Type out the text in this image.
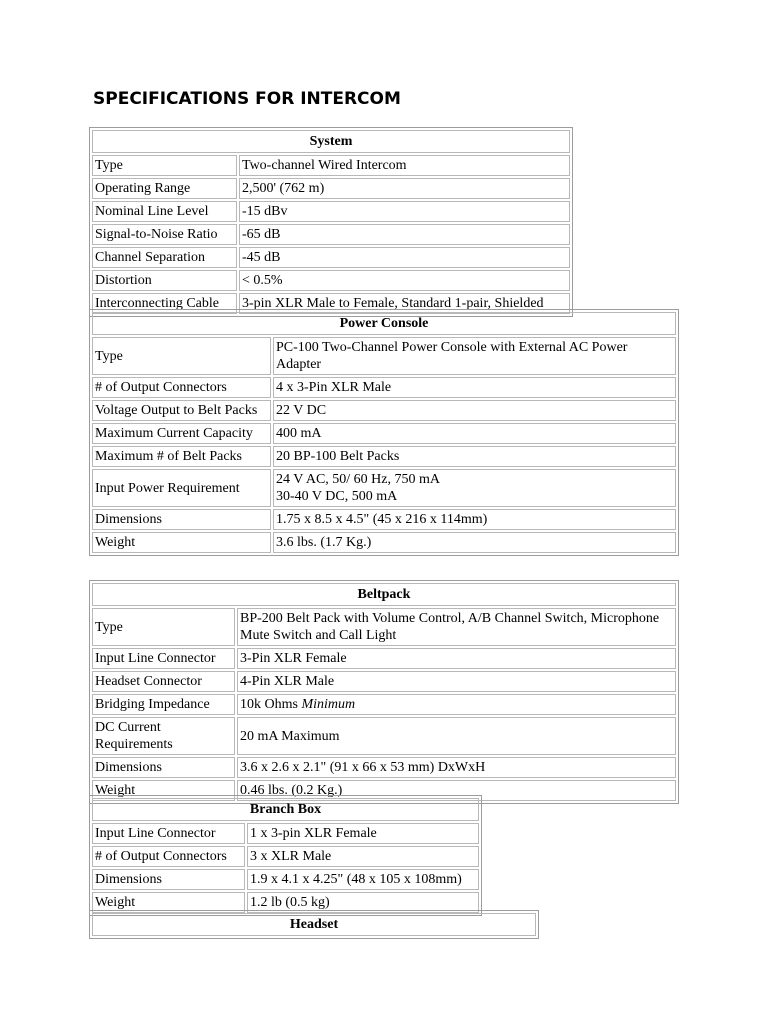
SPECIFICATIONS FOR INTERCOM
System	
Type	Two-channel Wired Intercom
Operating Range	2,500' (762 m)
Nominal Line Level	-15 dBv
Signal-to-Noise Ratio	-65 dB
Channel Separation	-45 dB
Distortion	< 0.5%
Interconnecting Cable	3-pin XLR Male to Female, Standard 1-pair, Shielded
Power Console	
Type	PC-100 Two-Channel Power Console with External AC Power Adapter
# of Output Connectors	4 x 3-Pin XLR Male
Voltage Output to Belt Packs	22 V DC
Maximum Current Capacity	400 mA
Maximum # of Belt Packs	20 BP-100 Belt Packs
Input Power Requirement	24 V AC, 50/ 60 Hz, 750 mA
30-40 V DC, 500 mA
Dimensions	1.75 x 8.5 x 4.5" (45 x 216 x 114mm)
Weight	3.6 lbs. (1.7 Kg.)
Beltpack	
Type	BP-200 Belt Pack with Volume Control, A/B Channel Switch, Microphone Mute Switch and Call Light
Input Line Connector	3-Pin XLR Female
Headset Connector	4-Pin XLR Male
Bridging Impedance	10k Ohms Minimum
DC Current Requirements	20 mA Maximum
Dimensions	3.6 x 2.6 x 2.1" (91 x 66 x 53 mm) DxWxH
Weight	0.46 lbs. (0.2 Kg.)
Branch Box	
Input Line Connector	1 x 3-pin XLR Female
# of Output Connectors	3 x XLR Male
Dimensions	1.9 x 4.1 x 4.25" (48 x 105 x 108mm)
Weight	1.2 lb (0.5 kg)
Headset
